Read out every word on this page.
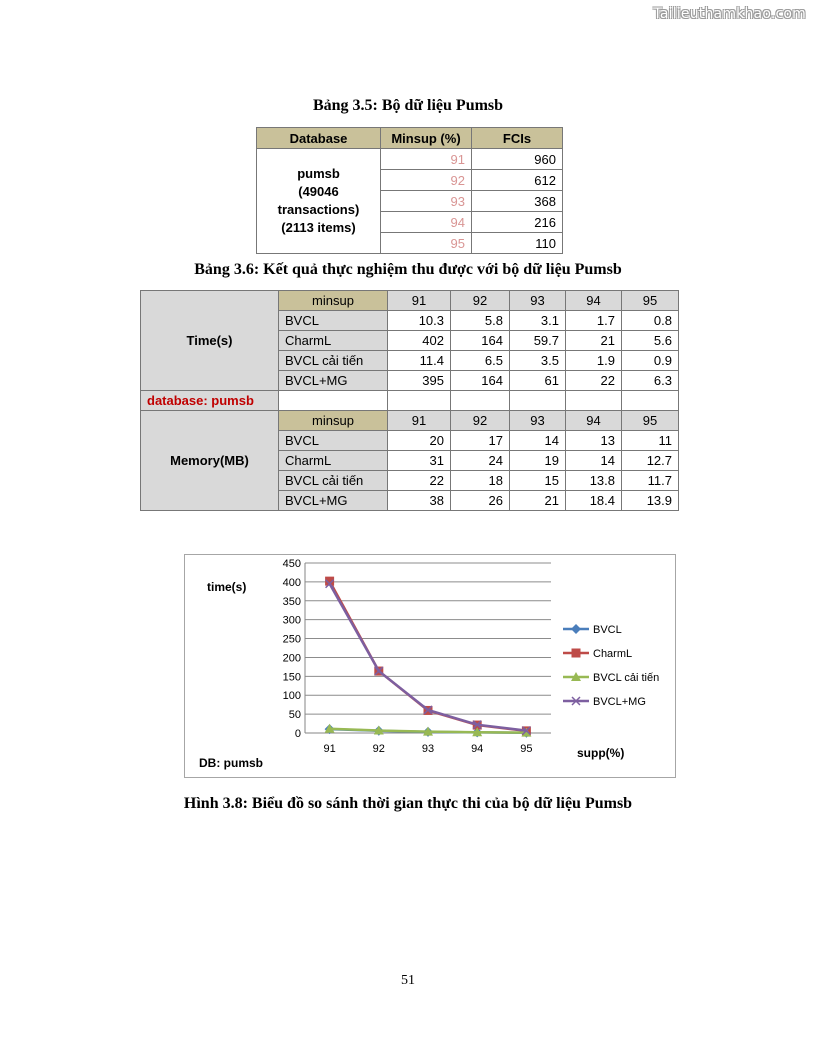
Tailieuthamkhao.com
Bảng 3.5: Bộ dữ liệu Pumsb
Database	Minsup (%)	FCIs

pumsb
(49046
transactions)
(2113 items)	91	960
	92	612
	93	368
	94	216
	95	110
Bảng 3.6: Kết quả thực nghiệm thu được với bộ dữ liệu Pumsb
Time(s)	minsup	91	92	93	94	95
	BVCL	10.3	5.8	3.1	1.7	0.8
	CharmL	402	164	59.7	21	5.6
	BVCL cải tiến	11.4	6.5	3.5	1.9	0.9
	BVCL+MG	395	164	61	22	6.3
database: pumsb						
Memory(MB)	minsup	91	92	93	94	95
	BVCL	20	17	14	13	11
	CharmL	31	24	19	14	12.7
	BVCL cải tiến	22	18	15	13.8	11.7
	BVCL+MG	38	26	21	18.4	13.9
0
50
100
150
200
250
300
350
400
450
91	92	93	94	95
time(s)
supp(%)
DB: pumsb
BVCL
CharmL
BVCL cải tiến
BVCL+MG
Hình 3.8: Biểu đồ so sánh thời gian thực thi của bộ dữ liệu Pumsb
51
